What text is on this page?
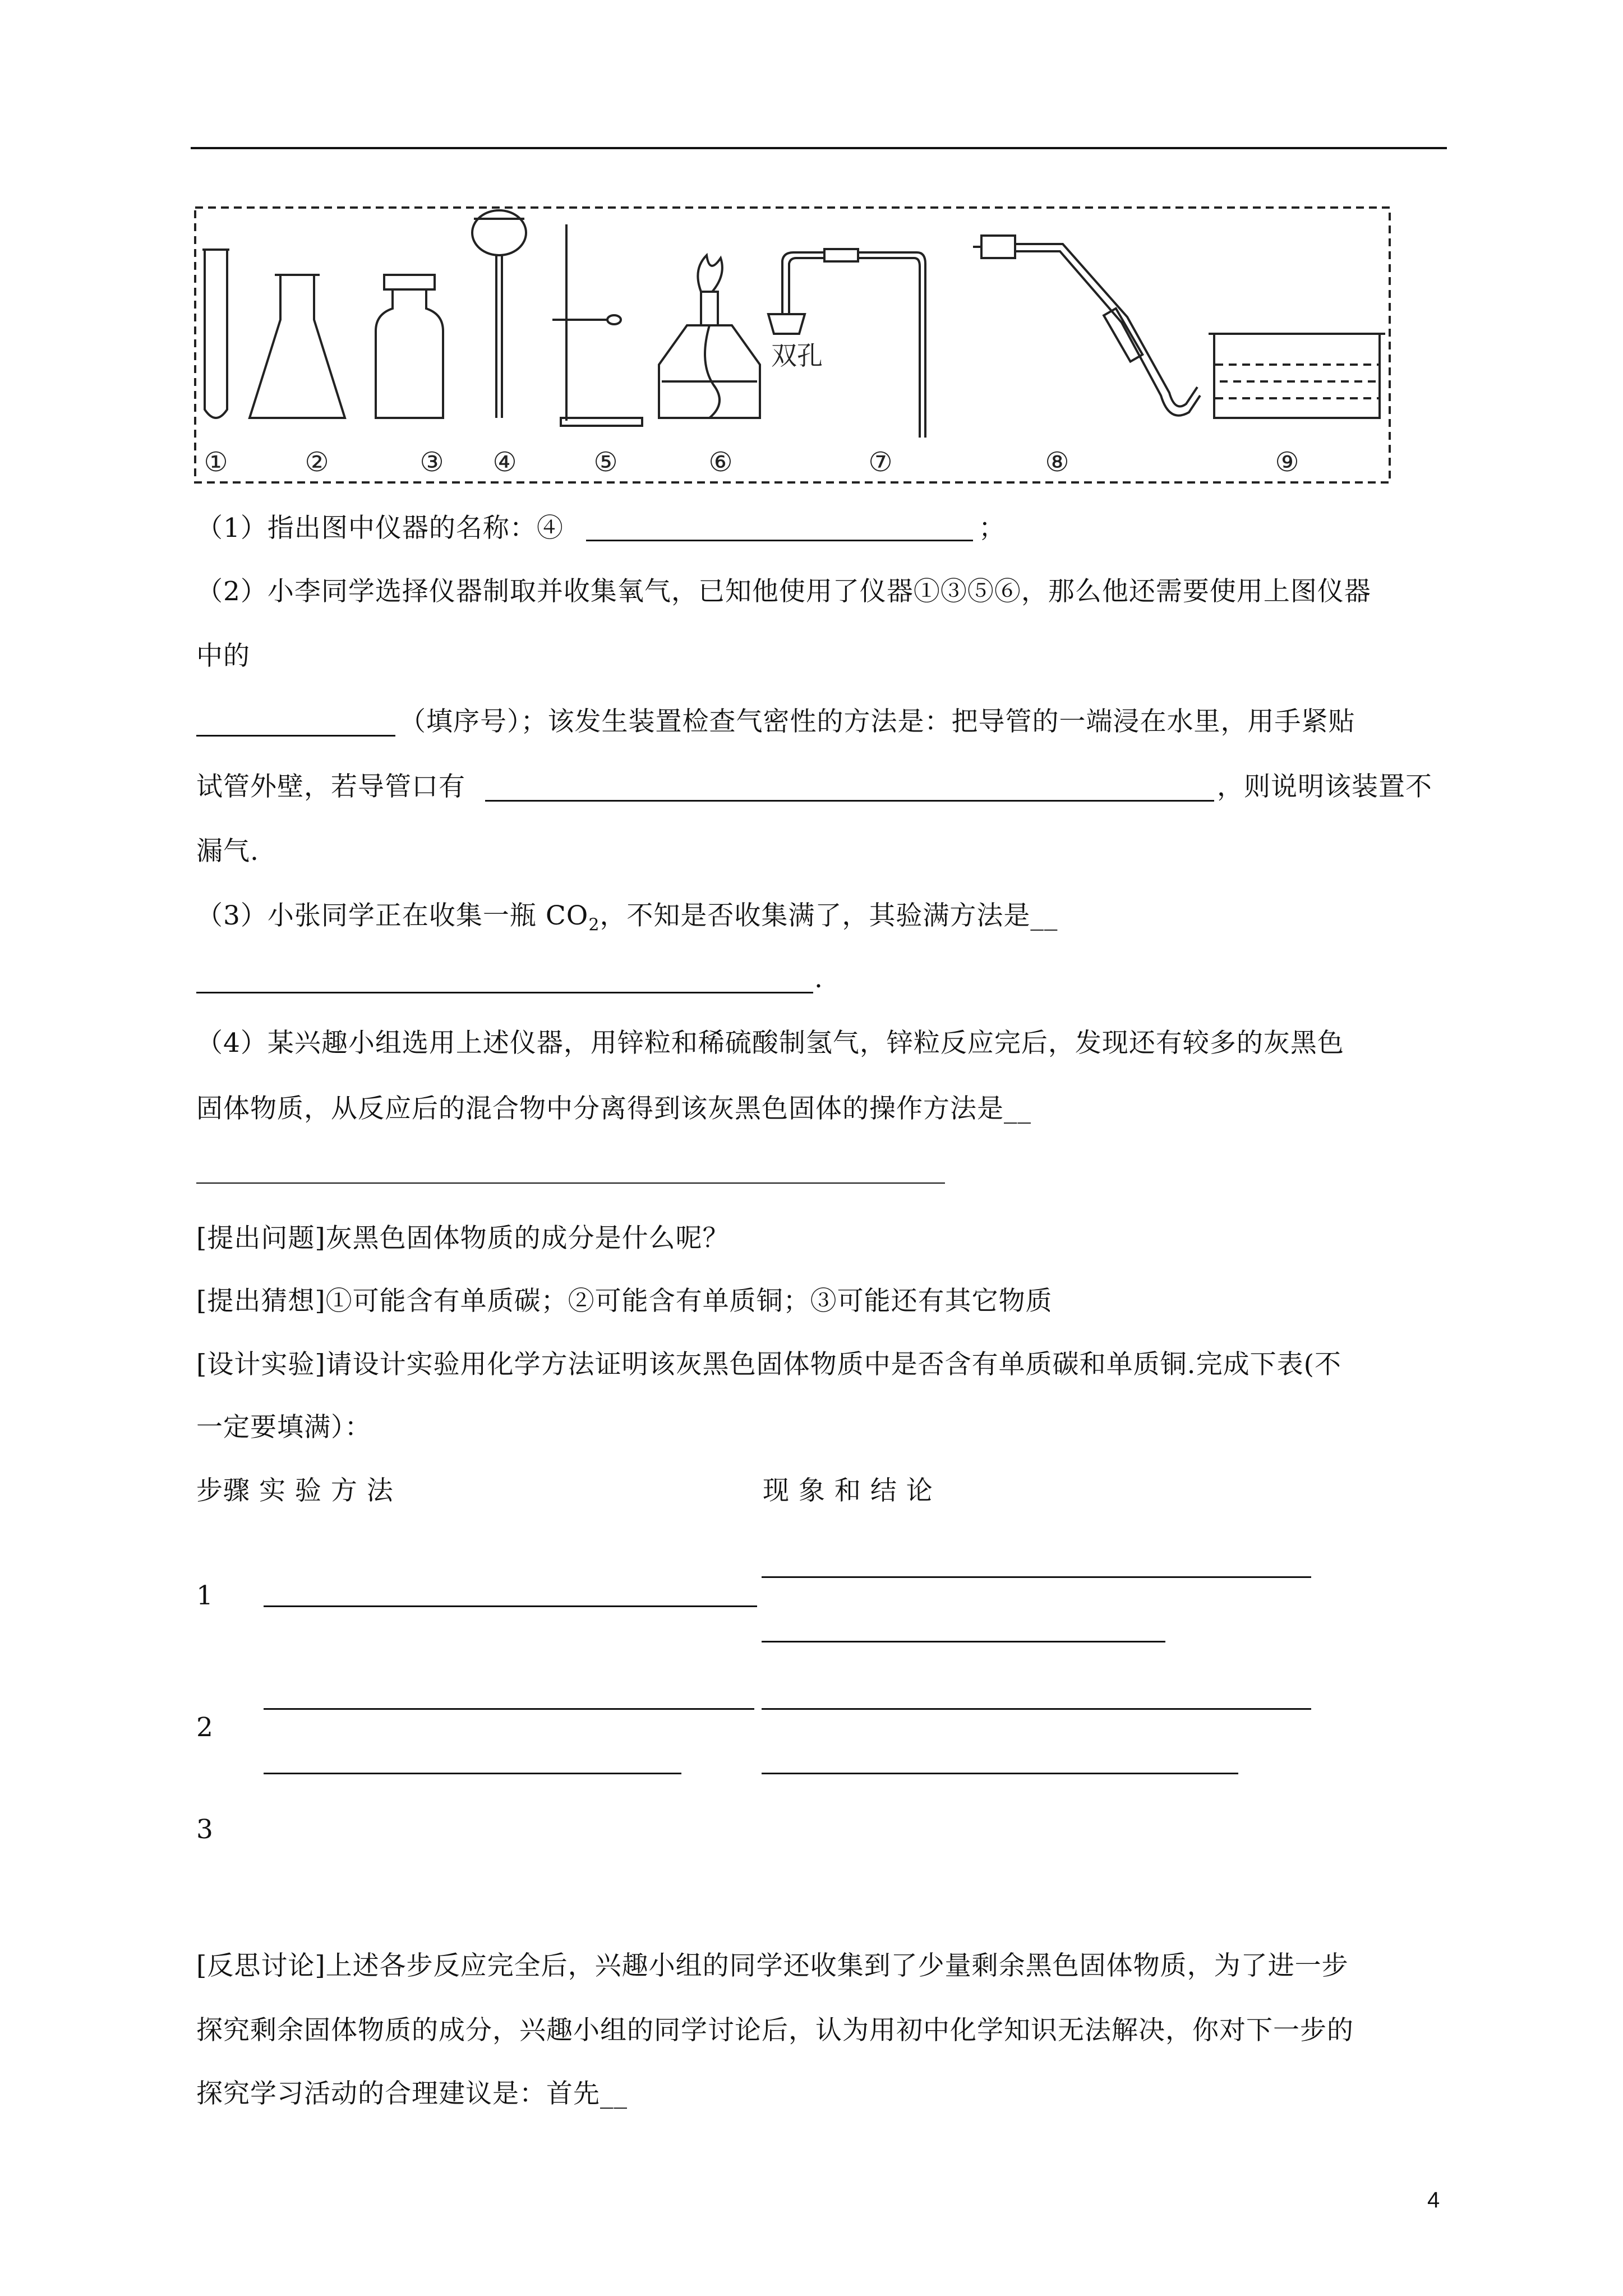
双孔
①	②	③ ④	⑤	⑥	⑦	⑧	⑨
（1）指出图中仪器的名称：④	；
（2）小李同学选择仪器制取并收集氧气，已知他使用了仪器①③⑤⑥，那么他还需要使用上图仪器
中的
（填序号）；该发生装置检查气密性的方法是：把导管的一端浸在水里，用手紧贴
试管外壁，若导管口有	，则说明该装置不
漏气.
（3）小张同学正在收集一瓶 $CO_2$，不知是否收集满了，其验满方法是__
.
（4）某兴趣小组选用上述仪器，用锌粒和稀硫酸制氢气，锌粒反应完后，发现还有较多的灰黑色
固体物质，从反应后的混合物中分离得到该灰黑色固体的操作方法是__
[提出问题]灰黑色固体物质的成分是什么呢？
[提出猜想]①可能含有单质碳；②可能含有单质铜；③可能还有其它物质
[设计实验]请设计实验用化学方法证明该灰黑色固体物质中是否含有单质碳和单质铜.完成下表(不
一定要填满）：
步骤 实 验 方 法	现 象 和 结 论
1
2
3
[反思讨论]上述各步反应完全后，兴趣小组的同学还收集到了少量剩余黑色固体物质，为了进一步
探究剩余固体物质的成分，兴趣小组的同学讨论后，认为用初中化学知识无法解决，你对下一步的
探究学习活动的合理建议是：首先__
4
